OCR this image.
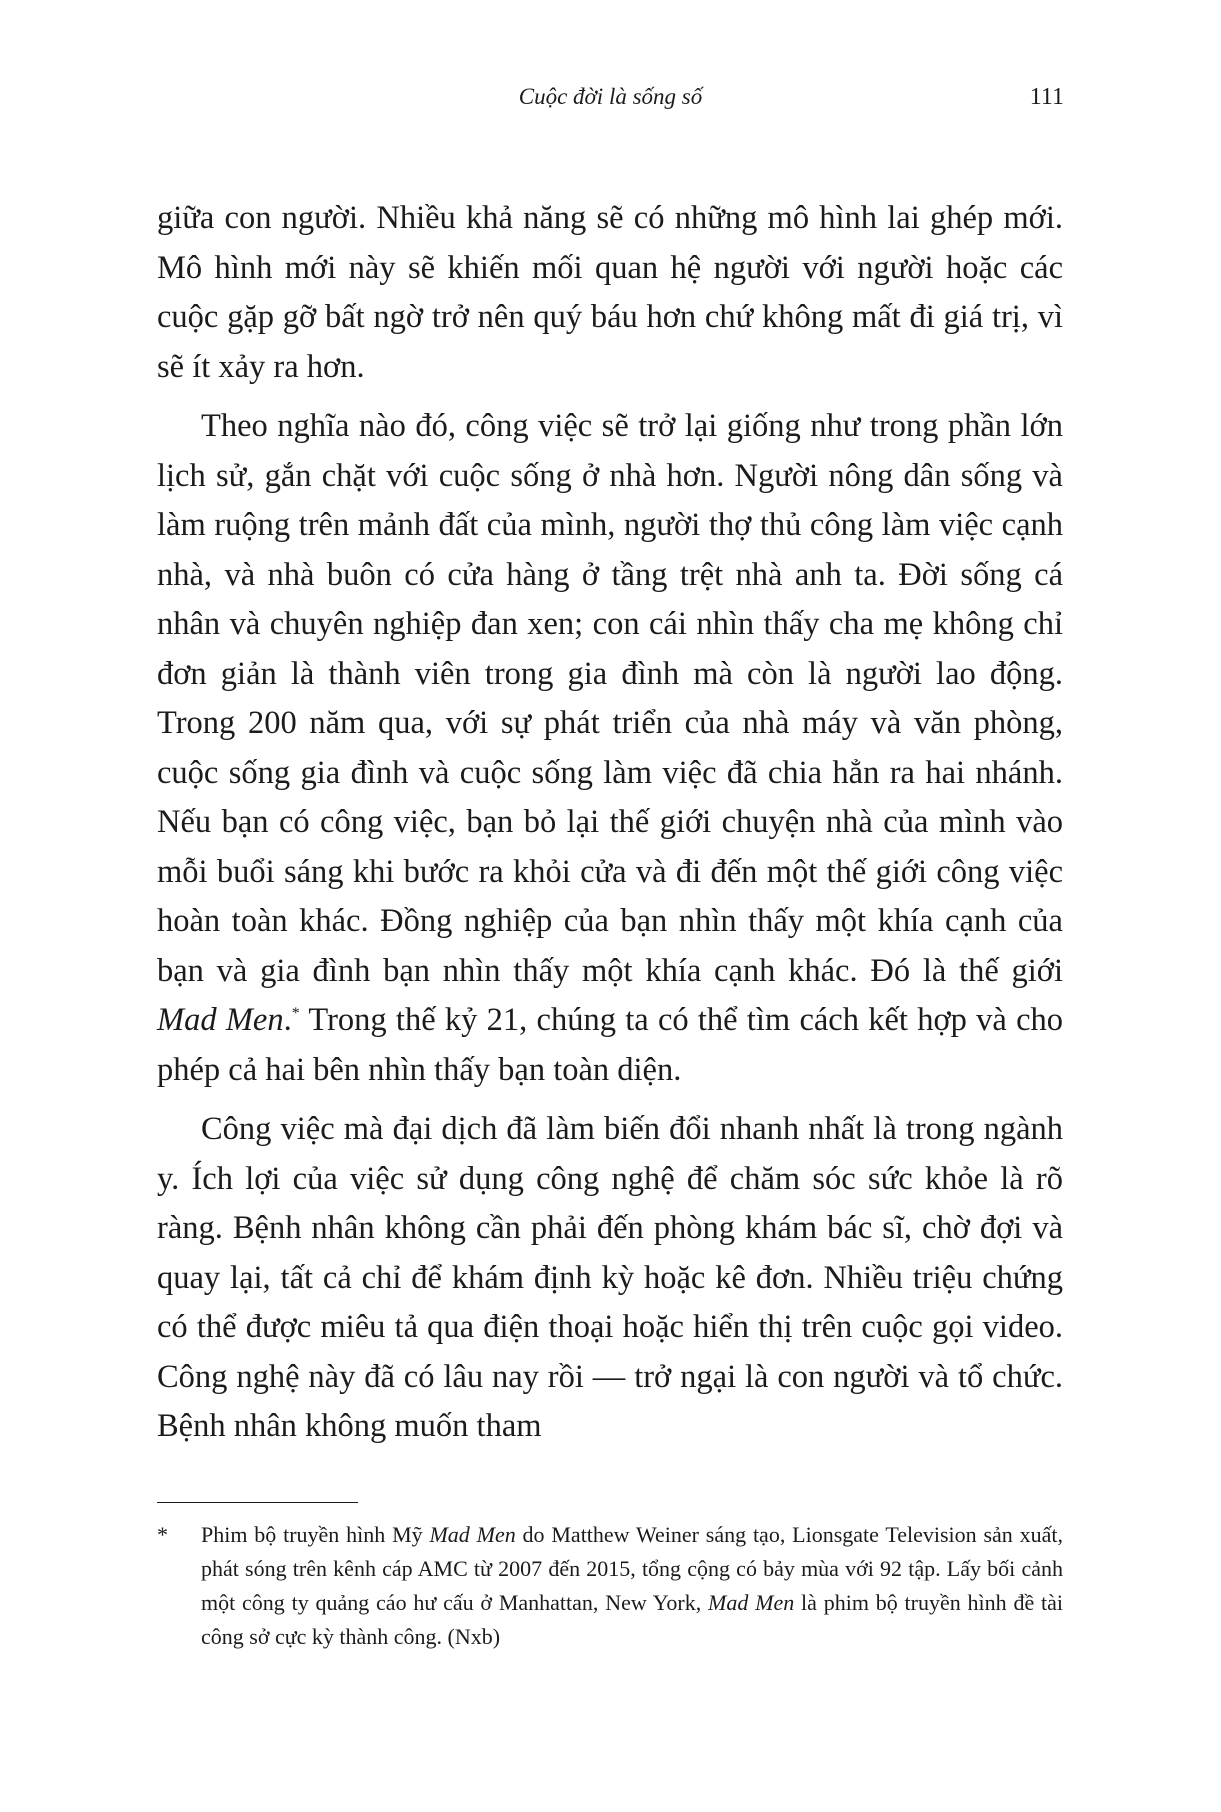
Cuộc đời là sống số	111

giữa con người. Nhiều khả năng sẽ có những mô hình lai ghép mới. Mô hình mới này sẽ khiến mối quan hệ người với người hoặc các cuộc gặp gỡ bất ngờ trở nên quý báu hơn chứ không mất đi giá trị, vì sẽ ít xảy ra hơn.

Theo nghĩa nào đó, công việc sẽ trở lại giống như trong phần lớn lịch sử, gắn chặt với cuộc sống ở nhà hơn. Người nông dân sống và làm ruộng trên mảnh đất của mình, người thợ thủ công làm việc cạnh nhà, và nhà buôn có cửa hàng ở tầng trệt nhà anh ta. Đời sống cá nhân và chuyên nghiệp đan xen; con cái nhìn thấy cha mẹ không chỉ đơn giản là thành viên trong gia đình mà còn là người lao động. Trong 200 năm qua, với sự phát triển của nhà máy và văn phòng, cuộc sống gia đình và cuộc sống làm việc đã chia hẳn ra hai nhánh. Nếu bạn có công việc, bạn bỏ lại thế giới chuyện nhà của mình vào mỗi buổi sáng khi bước ra khỏi cửa và đi đến một thế giới công việc hoàn toàn khác. Đồng nghiệp của bạn nhìn thấy một khía cạnh của bạn và gia đình bạn nhìn thấy một khía cạnh khác. Đó là thế giới Mad Men.* Trong thế kỷ 21, chúng ta có thể tìm cách kết hợp và cho phép cả hai bên nhìn thấy bạn toàn diện.

Công việc mà đại dịch đã làm biến đổi nhanh nhất là trong ngành y. Ích lợi của việc sử dụng công nghệ để chăm sóc sức khỏe là rõ ràng. Bệnh nhân không cần phải đến phòng khám bác sĩ, chờ đợi và quay lại, tất cả chỉ để khám định kỳ hoặc kê đơn. Nhiều triệu chứng có thể được miêu tả qua điện thoại hoặc hiển thị trên cuộc gọi video. Công nghệ này đã có lâu nay rồi — trở ngại là con người và tổ chức. Bệnh nhân không muốn tham

* Phim bộ truyền hình Mỹ Mad Men do Matthew Weiner sáng tạo, Lionsgate Television sản xuất, phát sóng trên kênh cáp AMC từ 2007 đến 2015, tổng cộng có bảy mùa với 92 tập. Lấy bối cảnh một công ty quảng cáo hư cấu ở Manhattan, New York, Mad Men là phim bộ truyền hình đề tài công sở cực kỳ thành công. (Nxb)
